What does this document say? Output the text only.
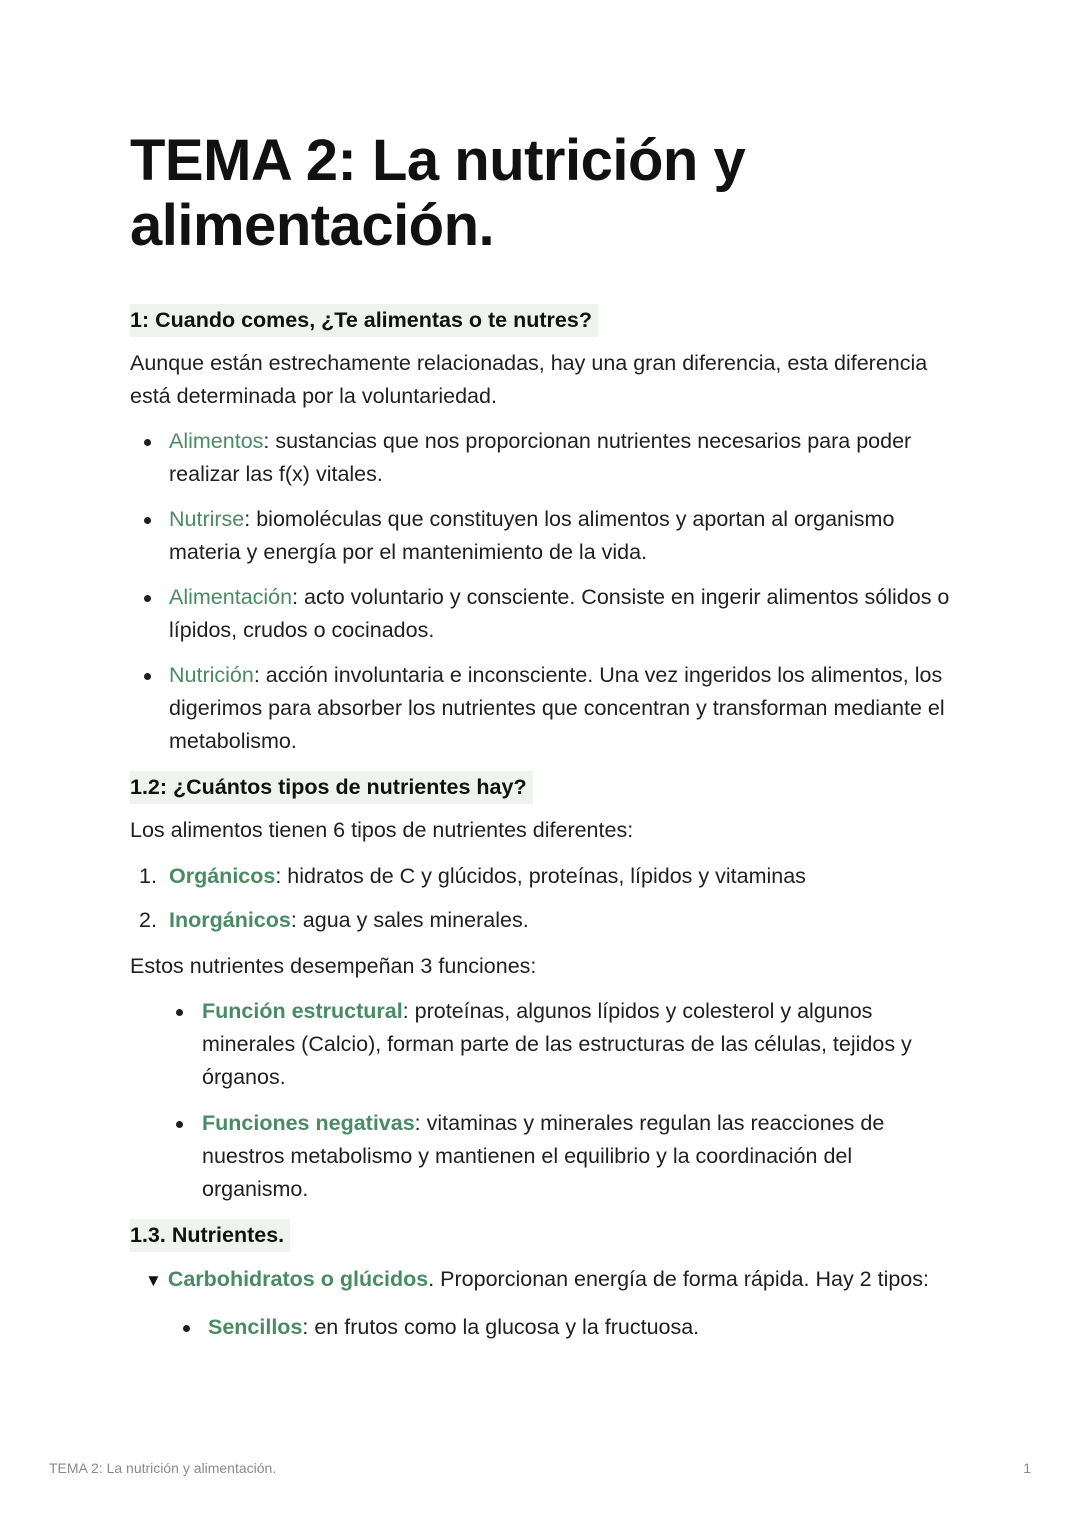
TEMA 2: La nutrición y alimentación.
1: Cuando comes, ¿Te alimentas o te nutres?

Aunque están estrechamente relacionadas, hay una gran diferencia, esta diferencia está determinada por la voluntariedad.

Alimentos: sustancias que nos proporcionan nutrientes necesarios para poder realizar las f(x) vitales.
Nutrirse: biomoléculas que constituyen los alimentos y aportan al organismo materia y energía por el mantenimiento de la vida.
Alimentación: acto voluntario y consciente. Consiste en ingerir alimentos sólidos o lípidos, crudos o cocinados.
Nutrición: acción involuntaria e inconsciente. Una vez ingeridos los alimentos, los digerimos para absorber los nutrientes que concentran y transforman mediante el metabolismo.
1.2: ¿Cuántos tipos de nutrientes hay?

Los alimentos tienen 6 tipos de nutrientes diferentes:

1. Orgánicos: hidratos de C y glúcidos, proteínas, lípidos y vitaminas
2. Inorgánicos: agua y sales minerales.

Estos nutrientes desempeñan 3 funciones:

Función estructural: proteínas, algunos lípidos y colesterol y algunos minerales (Calcio), forman parte de las estructuras de las células, tejidos y órganos.
Funciones negativas: vitaminas y minerales regulan las reacciones de nuestros metabolismo y mantienen el equilibrio y la coordinación del organismo.
1.3. Nutrientes.
▼ Carbohidratos o glúcidos. Proporcionan energía de forma rápida. Hay 2 tipos:
Sencillos: en frutos como la glucosa y la fructuosa.
TEMA 2: La nutrición y alimentación.	1
